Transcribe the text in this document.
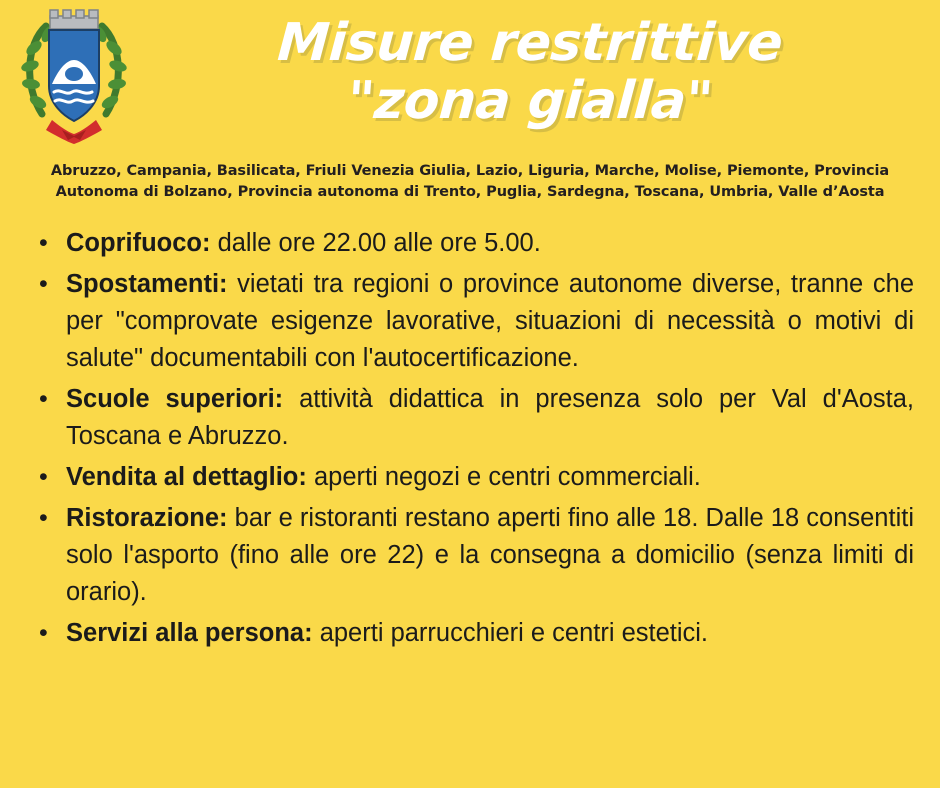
Misure restrittive
"zona gialla"
Abruzzo, Campania, Basilicata, Friuli Venezia Giulia, Lazio, Liguria, Marche, Molise, Piemonte, Provincia
Autonoma di Bolzano, Provincia autonoma di Trento, Puglia, Sardegna, Toscana, Umbria, Valle d’Aosta
• Coprifuoco: dalle ore 22.00 alle ore 5.00.
• Spostamenti: vietati tra regioni o province autonome diverse, tranne che per "comprovate esigenze lavorative, situazioni di necessità o motivi di salute" documentabili con l'autocertificazione.
• Scuole superiori: attività didattica in presenza solo per Val d'Aosta, Toscana e Abruzzo.
• Vendita al dettaglio: aperti negozi e centri commerciali.
• Ristorazione: bar e ristoranti restano aperti fino alle 18. Dalle 18 consentiti solo l'asporto (fino alle ore 22) e la consegna a domicilio (senza limiti di orario).
• Servizi alla persona: aperti parrucchieri e centri estetici.
